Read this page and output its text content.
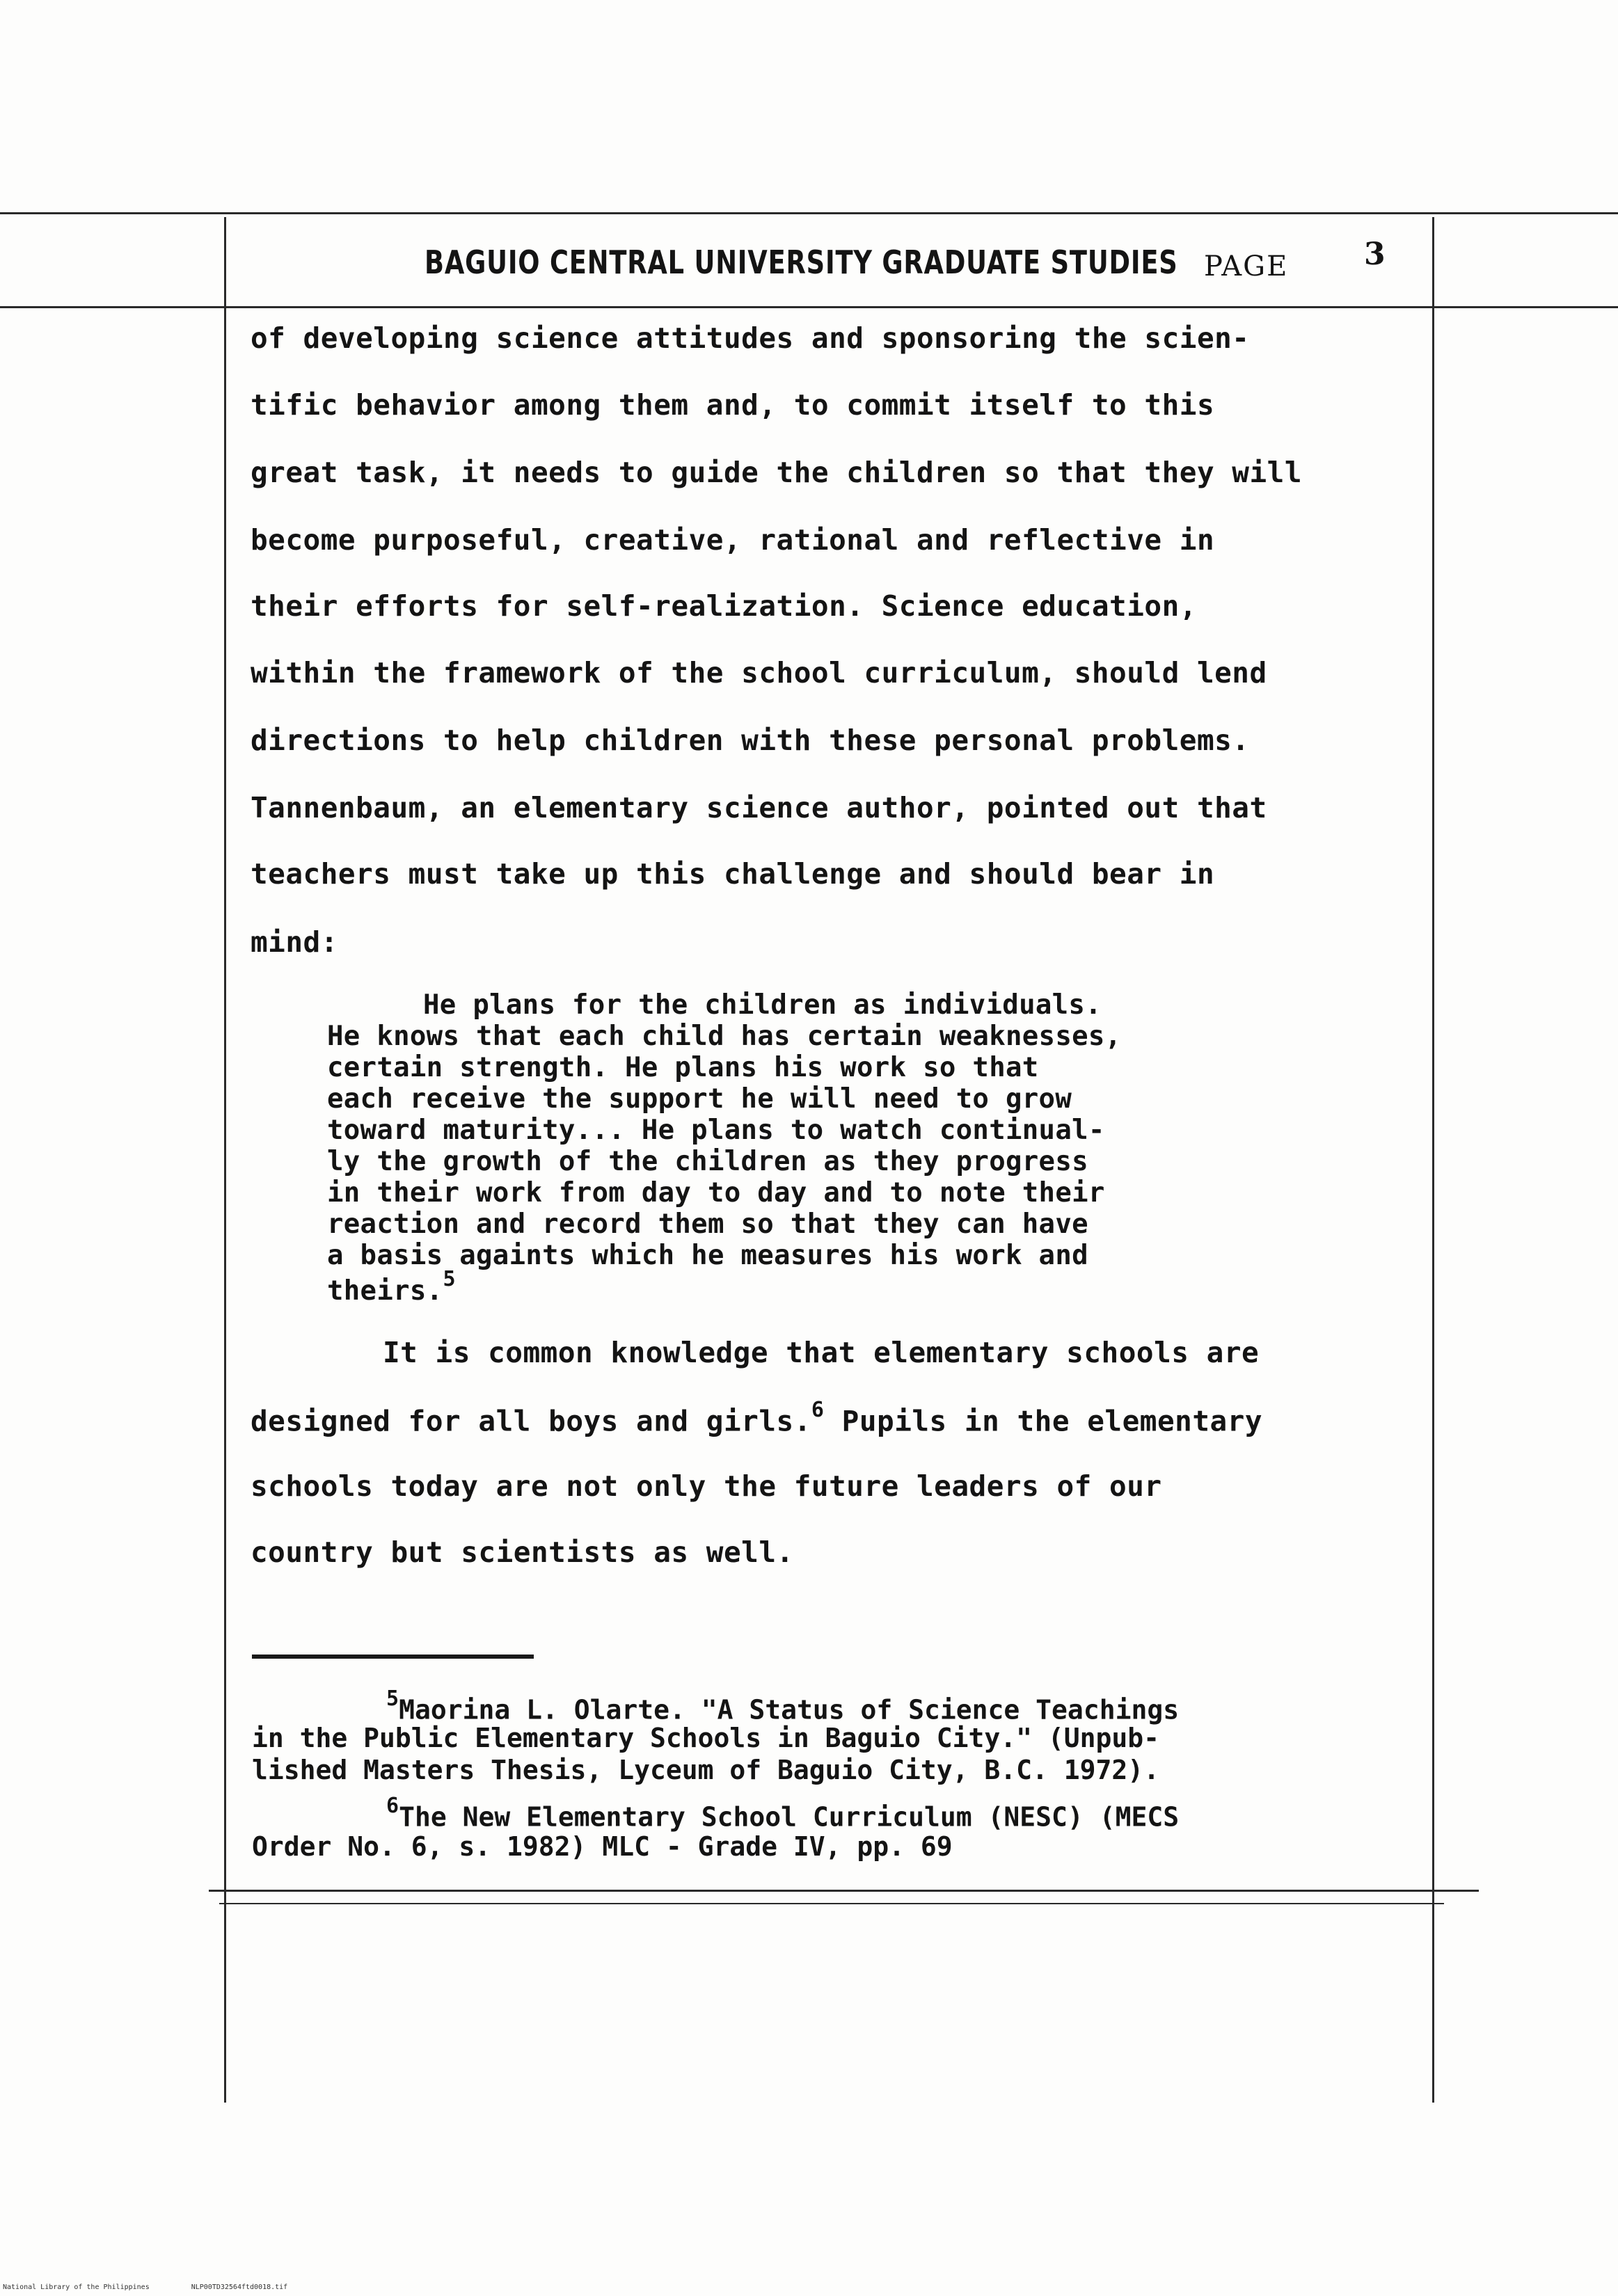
BAGUIO CENTRAL UNIVERSITY GRADUATE STUDIES PAGE 3
of developing science attitudes and sponsoring the scien-
tific behavior among them and, to commit itself to this
great task, it needs to guide the children so that they will
become purposeful, creative, rational and reflective in
their efforts for self-realization. Science education,
within the framework of the school curriculum, should lend
directions to help children with these personal problems.
Tannenbaum, an elementary science author, pointed out that
teachers must take up this challenge and should bear in
mind:
He plans for the children as individuals.
He knows that each child has certain weaknesses,
certain strength. He plans his work so that
each receive the support he will need to grow
toward maturity... He plans to watch continual-
ly the growth of the children as they progress
in their work from day to day and to note their
reaction and record them so that they can have
a basis againts which he measures his work and
theirs.$^5$
It is common knowledge that elementary schools are
designed for all boys and girls.$^6$ Pupils in the elementary
schools today are not only the future leaders of our
country but scientists as well.
$^5$Maorina L. Olarte. "A Status of Science Teachings
in the Public Elementary Schools in Baguio City." (Unpub-
lished Masters Thesis, Lyceum of Baguio City, B.C. 1972).
$^6$The New Elementary School Curriculum (NESC) (MECS
Order No. 6, s. 1982) MLC - Grade IV, pp. 69
National Library of the Philippines	NLP00TD32564ftd0018.tif
